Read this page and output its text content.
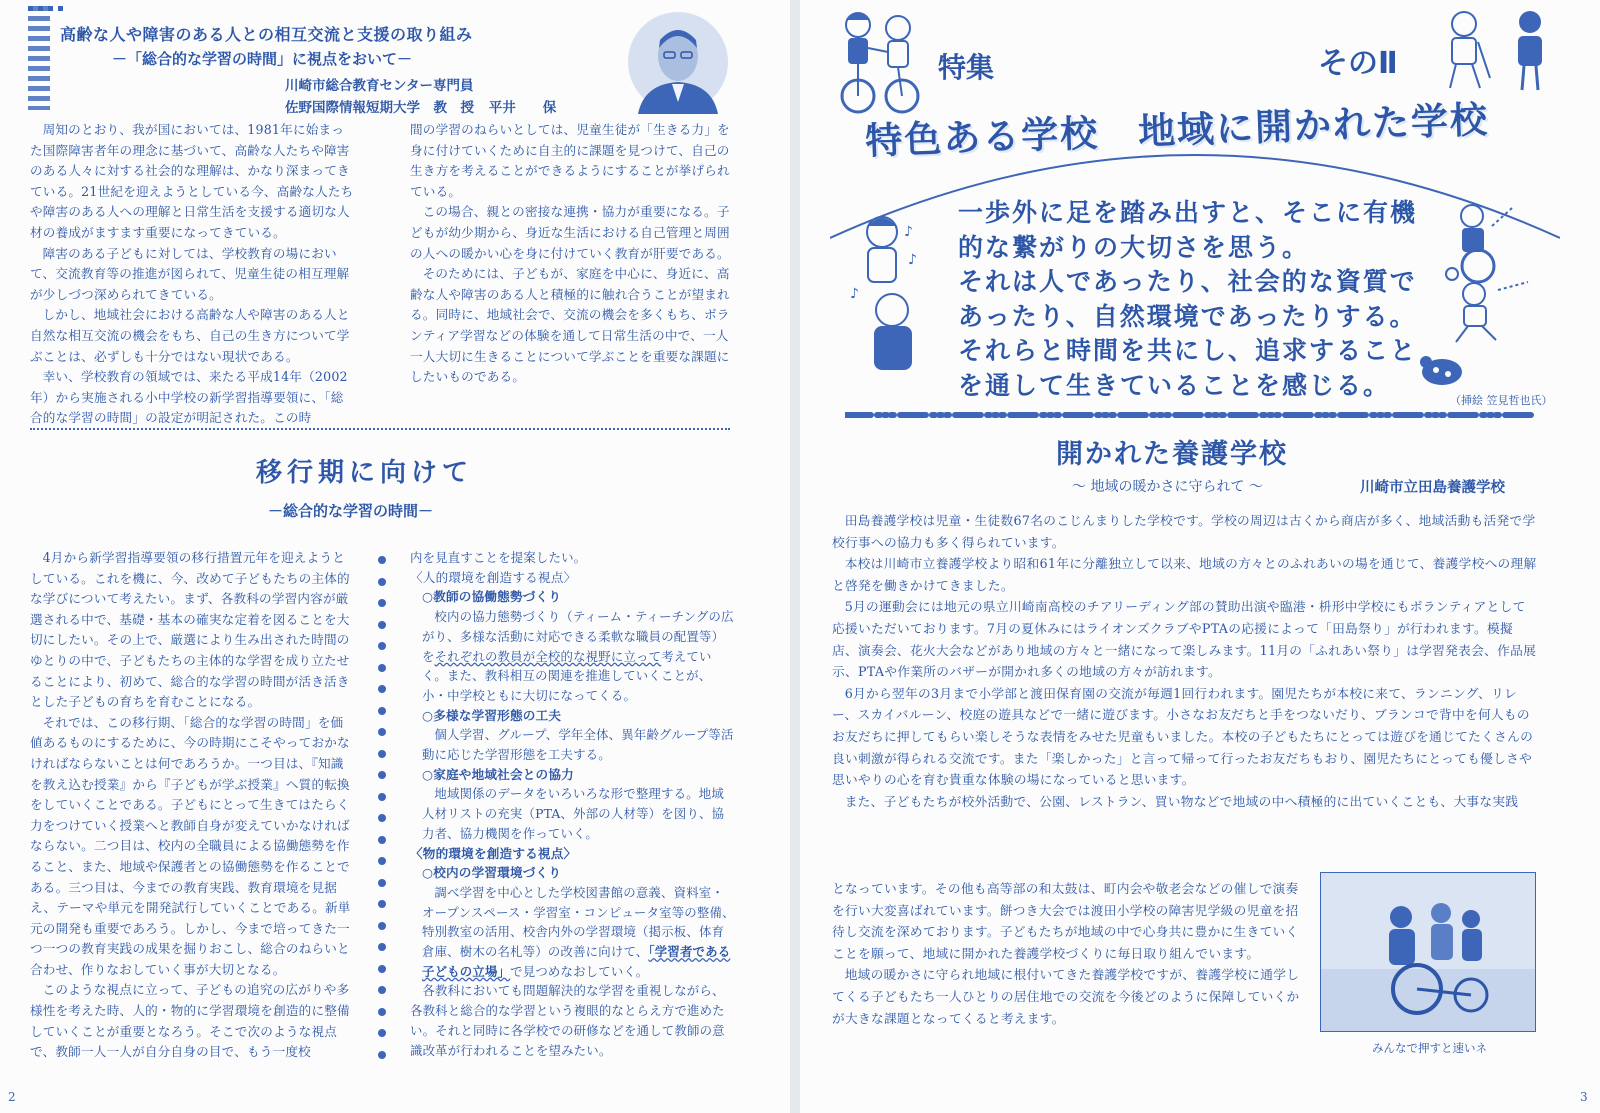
高齢な人や障害のある人との相互交流と支援の取り組み
－「総合的な学習の時間」に視点をおいて－
川崎市総合教育センター専門員
佐野国際情報短期大学　教　授 平井　　保

周知のとおり、我が国においては、1981年に始まった国際障害者年の理念に基づいて、高齢な人たちや障害のある人々に対する社会的な理解は、かなり深まってきている。21世紀を迎えようとしている今、高齢な人たちや障害のある人への理解と日常生活を支援する適切な人材の養成がますます重要になってきている。

障害のある子どもに対しては、学校教育の場において、交流教育等の推進が図られて、児童生徒の相互理解が少しづつ深められてきている。

しかし、地域社会における高齢な人や障害のある人と自然な相互交流の機会をもち、自己の生き方について学ぶことは、必ずしも十分ではない現状である。

幸い、学校教育の領域では、来たる平成14年（2002年）から実施される小中学校の新学習指導要領に、「総合的な学習の時間」の設定が明記された。この時

間の学習のねらいとしては、児童生徒が「生きる力」を身に付けていくために自主的に課題を見つけて、自己の生き方を考えることができるようにすることが挙げられている。

この場合、親との密接な連携・協力が重要になる。子どもが幼少期から、身近な生活における自己管理と周囲の人への暖かい心を身に付けていく教育が肝要である。

そのためには、子どもが、家庭を中心に、身近に、高齢な人や障害のある人と積極的に触れ合うことが望まれる。同時に、地域社会で、交流の機会を多くもち、ボランティア学習などの体験を通して日常生活の中で、一人一人大切に生きることについて学ぶことを重要な課題にしたいものである。

移行期に向けて
－総合的な学習の時間－

4月から新学習指導要領の移行措置元年を迎えようとしている。これを機に、今、改めて子どもたちの主体的な学びについて考えたい。まず、各教科の学習内容が厳選される中で、基礎・基本の確実な定着を図ることを大切にしたい。その上で、厳選により生み出された時間のゆとりの中で、子どもたちの主体的な学習を成り立たせることにより、初めて、総合的な学習の時間が活き活きとした子どもの育ちを育むことになる。

それでは、この移行期、「総合的な学習の時間」を価値あるものにするために、今の時期にこそやっておかなければならないことは何であろうか。一つ目は、『知識を教え込む授業』から『子どもが学ぶ授業』へ質的転換をしていくことである。子どもにとって生きてはたらく力をつけていく授業へと教師自身が変えていかなければならない。二つ目は、校内の全職員による協働態勢を作ること、また、地域や保護者との協働態勢を作ることである。三つ目は、今までの教育実践、教育環境を見据え、テーマや単元を開発試行していくことである。新単元の開発も重要であろう。しかし、今まで培ってきた一つ一つの教育実践の成果を掘りおこし、総合のねらいと合わせ、作りなおしていく事が大切となる。

このような視点に立って、子どもの追究の広がりや多様性を考えた時、人的・物的に学習環境を創造的に整備していくことが重要となろう。そこで次のような視点で、教師一人一人が自分自身の目で、もう一度校

内を見直すことを提案したい。

〈人的環境を創造する視点〉

○教師の協働態勢づくり

校内の協力態勢づくり（ティーム・ティーチングの広がり、多様な活動に対応できる柔軟な職員の配置等）をそれぞれの教員が全校的な視野に立って考えていく。また、教科相互の関連を推進していくことが、小・中学校ともに大切になってくる。

○多様な学習形態の工夫

個人学習、グループ、学年全体、異年齢グループ等活動に応じた学習形態を工夫する。

○家庭や地域社会との協力

地域関係のデータをいろいろな形で整理する。地域人材リストの充実（PTA、外部の人材等）を図り、協力者、協力機関を作っていく。

〈物的環境を創造する視点〉

○校内の学習環境づくり

調べ学習を中心とした学校図書館の意義、資料室・オープンスペース・学習室・コンピュータ室等の整備、特別教室の活用、校舎内外の学習環境（掲示板、体育倉庫、樹木の名札等）の改善に向けて、「学習者である子どもの立場」で見つめなおしていく。

各教科においても問題解決的な学習を重視しながら、各教科と総合的な学習という複眼的なとらえ方で進めたい。それと同時に各学校での研修などを通して教師の意識改革が行われることを望みたい。

2
特集	そのⅡ
特色ある学校　地域に開かれた学校
一歩外に足を踏み出すと、そこに有機
的な繋がりの大切さを思う。
それは人であったり、社会的な資質で
あったり、自然環境であったりする。
それらと時間を共にし、追求すること
を通して生きていることを感じる。
♪
♪
♪
（挿絵 笠見哲也氏）
開かれた養護学校
～ 地域の暖かさに守られて ～	川崎市立田島養護学校

田島養護学校は児童・生徒数67名のこじんまりした学校です。学校の周辺は古くから商店が多く、地域活動も活発で学校行事への協力も多く得られています。

本校は川崎市立養護学校より昭和61年に分離独立して以来、地域の方々とのふれあいの場を通じて、養護学校への理解と啓発を働きかけてきました。

5月の運動会には地元の県立川崎南高校のチアリーディング部の賛助出演や臨港・枡形中学校にもボランティアとして応援いただいております。7月の夏休みにはライオンズクラブやPTAの応援によって「田島祭り」が行われます。模擬店、演奏会、花火大会などがあり地域の方々と一緒になって楽しみます。11月の「ふれあい祭り」は学習発表会、作品展示、PTAや作業所のバザーが開かれ多くの地域の方々が訪れます。

6月から翌年の3月まで小学部と渡田保育園の交流が毎週1回行われます。園児たちが本校に来て、ランニング、リレー、スカイバルーン、校庭の遊具などで一緒に遊びます。小さなお友だちと手をつないだり、ブランコで背中を何人ものお友だちに押してもらい楽しそうな表情をみせた児童もいました。本校の子どもたちにとっては遊びを通じてたくさんの良い刺激が得られる交流です。また「楽しかった」と言って帰って行ったお友だちもおり、園児たちにとっても優しさや思いやりの心を育む貴重な体験の場になっていると思います。

また、子どもたちが校外活動で、公園、レストラン、買い物などで地域の中へ積極的に出ていくことも、大事な実践

となっています。その他も高等部の和太鼓は、町内会や敬老会などの催しで演奏を行い大変喜ばれています。餅つき大会では渡田小学校の障害児学級の児童を招待し交流を深めております。子どもたちが地域の中で心身共に豊かに生きていくことを願って、地域に開かれた養護学校づくりに毎日取り組んでいます。

地域の暖かさに守られ地域に根付いてきた養護学校ですが、養護学校に通学してくる子どもたち一人ひとりの居住地での交流を今後どのように保障していくかが大きな課題となってくると考えます。

みんなで押すと速いネ
3
